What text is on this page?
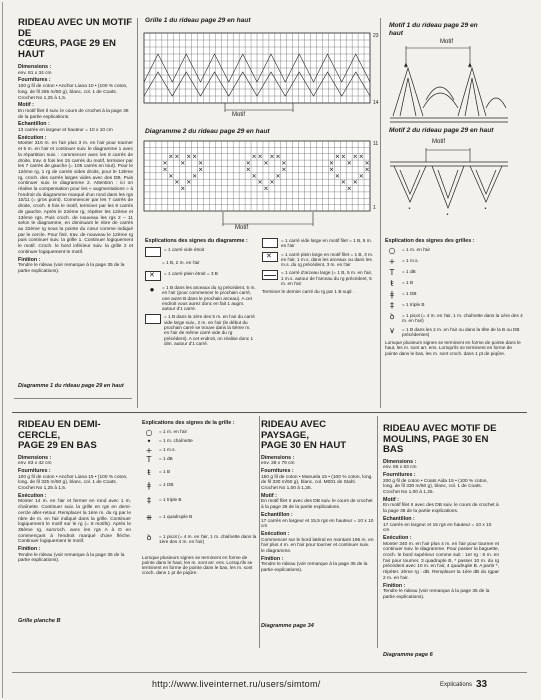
RIDEAU AVEC UN MOTIF DE
CŒURS, PAGE 29 EN HAUT
Dimensions :
env. 81 x 34 cm
Fournitures :
100 g fil de coton • Anchor Liana 10 • (100 % coton, long. de fil 265 m/50 g), blanc, col. 1 de Coats. Crochet No 1,25 à 1,5.
Motif :
En motif filet Il suiv. le cours de crochet à la page 36 de la partie explications.
Echantillon :
13 carrés en largeur et hauteur = 10 x 10 cm
Exécution :
Monter 316 m. en l'air plus 3 m. en l'air pour tourner et 5 m. en l'air et continuer suiv. le diagramme 1 avec la répartition suiv. : commencer avec les 8 carrés de droite, trav. 6 fois les 15 carrés du motif, terminer par les 7 carrés de gauche (= 105 carrés en tout). Pour le 12ème rg, 1 rg de carrés vides droits, pour le 13ème rg, croch. des carrés larges vides avec des DB. Puis continuer suiv. le diagramme 2. Attention : ici on réalise la compensation pour les « augmentations » à l'endroit du diagramme marqué d'un rond dans les rgs 10/11 (= gros point). Commencer par les 7 carrés de droite, croch. 6 fois le motif, terminer par les 9 carrés de gauche. Après le 22ème rg, répéter les 12ème et 13ème rgs. Puis croch. de nouveau les rgs 2 – 11 selon le diagramme, en diminuant le nbre de carrés au 22ème rg sous la pointe du cœur comme indiqué par le cercle. Pour finir, trav. de nouveau le 12ème rg puis continuer suiv. la grille 1. Continuer logiquement le motif. Croch. le bord inférieur suiv. la grille 2 et continuer logiquement le motif.
Finition :
Tendre le rideau (voir remarque à la page 35 de la partie explications).
Diagramme 1 du rideau page 29 en haut
Grille 1 du rideau page 29 en haut
23
14
Motif
Diagramme 2 du rideau page 29 en haut
✕ ✕ ✕ ✕
✕ ✕ ✕
✕	✕
✕	✕
✕ ✕
✕
✕ ✕ ✕ ✕
✕ ✕ ✕
✕	✕
✕	✕
✕ ✕
✕
✕ ✕ ✕ ✕
✕ ✕ ✕
✕	✕
✕	✕
✕ ✕
✕
11
1
Motif
Explications des signes du diagramme :
= 1 carré vide étroit
= 1 B, 2 m. en l'air
✕
= 1 carré plein étroit = 3 B
●	= 1 B dans les arceaux du rg précédent, 5 m. en l'air (pour commencer le prochain carré, une autre B dans le prochain arceau). A cet endroit vous aurez donc en fait 1 augm. autour d'1 carré.
= 1 B dans la 1ère des 5 m. en l'air du carré vide large suiv., 2 m. en l'air (le début du prochain carré se trouve dans la 5ème m. en l'air de même carré vide du rg précédent). A cet endroit, on réalise donc 1 dim. autour d'1 carré.
= 1 carré vide large en motif filet = 1 B, 5 m. en l'air
✕
= 1 carré plein large en motif filet = 1 B, 3 m. en l'air, 1 m.s. dans les arceaux ou dans les m.s. du rg précédent, 3 m. en l'air
= 1 carré d'arceau large (= 1 B, 5 m. en l'air, 1 m.s. autour de l'arceau du rg précédent, 5 m. en l'air
Terminer le dernier carré du rg par 1 B supl.
Motif 1 du rideau page 29 en
haut
Motif
▲	▲
Motif 2 du rideau page 29 en haut
Motif
•
•
•
Explication des signes des grilles :
○	= 1 m. en l'air
+	= 1 m.s.
T	= 1 dB
ŧ	= 1 B
ǂ	= 1 DB
‡	= 1 triple B
ꝺ	= 1 picot (= 4 m. en l'air, 1 m. chaînette dans la 1ère des 4 m. en l'air)
∨	= 1 B dans les 2 m. en l'air ou dans la tête de la B ou DB précédentes)
Lorsque plusieurs signes se terminent en forme de pointe dans le haut, les m. sont arr. ens. Lorsqu'ils se terminent en forme de pointe dans le bas, les m. sont croch. dans 1 pt de piqûre.
RIDEAU EN DEMI-CERCLE,
PAGE 29 EN BAS
Dimensions :
env. 83 x 42 cm
Fournitures :
100 g fil de coton • Anchor Liana 15 • (100 % coton, long. de fil 325 m/50 g), blanc, col. 1 de Coats. Crochet No 1,25 à 1,5.
Exécution :
Monter 14 m. en l'air et fermer en rond avec 1 m. chaînette. Continuer suiv. la grille en rgs en demi-cercle aller-retour. Remplacer la 1ère m. du rg par le nbre de m. en l'air indiqué dans la grille. Continuer logiquement le motif sur le rg (= 8 motifs). Après le 36ème rg, surcroch. avec les rgs A à D en commençant à l'endroit marqué d'une flèche. Continuer logiquement le motif.
Finition :
Tendre le rideau (voir remarque à la page 35 de la partie explications).
Grille planche B
Explications des signes de la grille :
○	= 1 m. en l'air
•	= 1 m. chaînette
+	= 1 m.s.
T	= 1 dB
ŧ	= 1 B
ǂ	= 1 DB
‡	= 1 triple B
⧺	= 1 quadruple B
ꝺ	= 1 picot (= 4 m. en l'air, 1 m. chaînette dans la 1ère des 4 m. en l'air)
Lorsque plusieurs signes se terminent en forme de pointe dans le haut, les m. sont arr. ens. Lorsqu'ils se terminent en forme de pointe dans le bas, les m. sont croch. dans 1 pt de piqûre.
RIDEAU AVEC PAYSAGE,
PAGE 30 EN HAUT
Dimensions :
env. 38 x 79 cm
Fournitures :
150 g fil de coton • Manuela 15 • (100 % coton, long. de fil 330 m/50 g), blanc, col. M001 de Stahl. Crochet No 1,00 à 1,25.
Motif :
En motif filet II avec des DB suiv. le cours de crochet à la page 36 de la partie explications.
Echantillon :
17 carrés en largeur et 15,5 rgs en hauteur = 10 x 10 cm
Exécution :
Commencer sur le bord latéral en montant 196 m. en l'air plus 4 m. en l'air pour tourner et continuer suiv. le diagramme.
Finition :
Tendre le rideau (voir remarque à la page 35 de la partie explications).
Diagramme page 34
RIDEAU AVEC MOTIF DE
MOULINS, PAGE 30 EN BAS
Dimensions :
env. 66 x 63 cm
Fournitures :
200 g fil de coton • Coats Aida 15 • (100 % coton, long. de fil 330 m/50 g), blanc, col. 1 de Coats. Crochet No 1,00 à 1,25.
Motif :
En motif filet II avec des DB suiv. le cours de crochet à la page 36 de la partie explications.
Echantillon :
17 carrés en largeur et 15 rgs en hauteur = 10 x 10 cm
Exécution :
Monter 340 m. en l'air plus 4 m. en l'air pour tourner et continuer suiv. le diagramme. Pour passer la baguette, croch. le bord supérieur comme suit : 1er rg : 6 m. en l'air pour tourner, 3 quadruple B, * passer 10 m. du rg précédent avec 10 m. en l'air, 4 quadruple B. A partir *, répéter. 2ème rg : dB. Remplacer la 1ère dB du rgpar 2 m. en l'air.
Finition :
Tendre le rideau (voir remarque à la page 35 de la partie explications).
Diagramme page 6
http://www.liveinternet.ru/users/simtom/	Explications 33
